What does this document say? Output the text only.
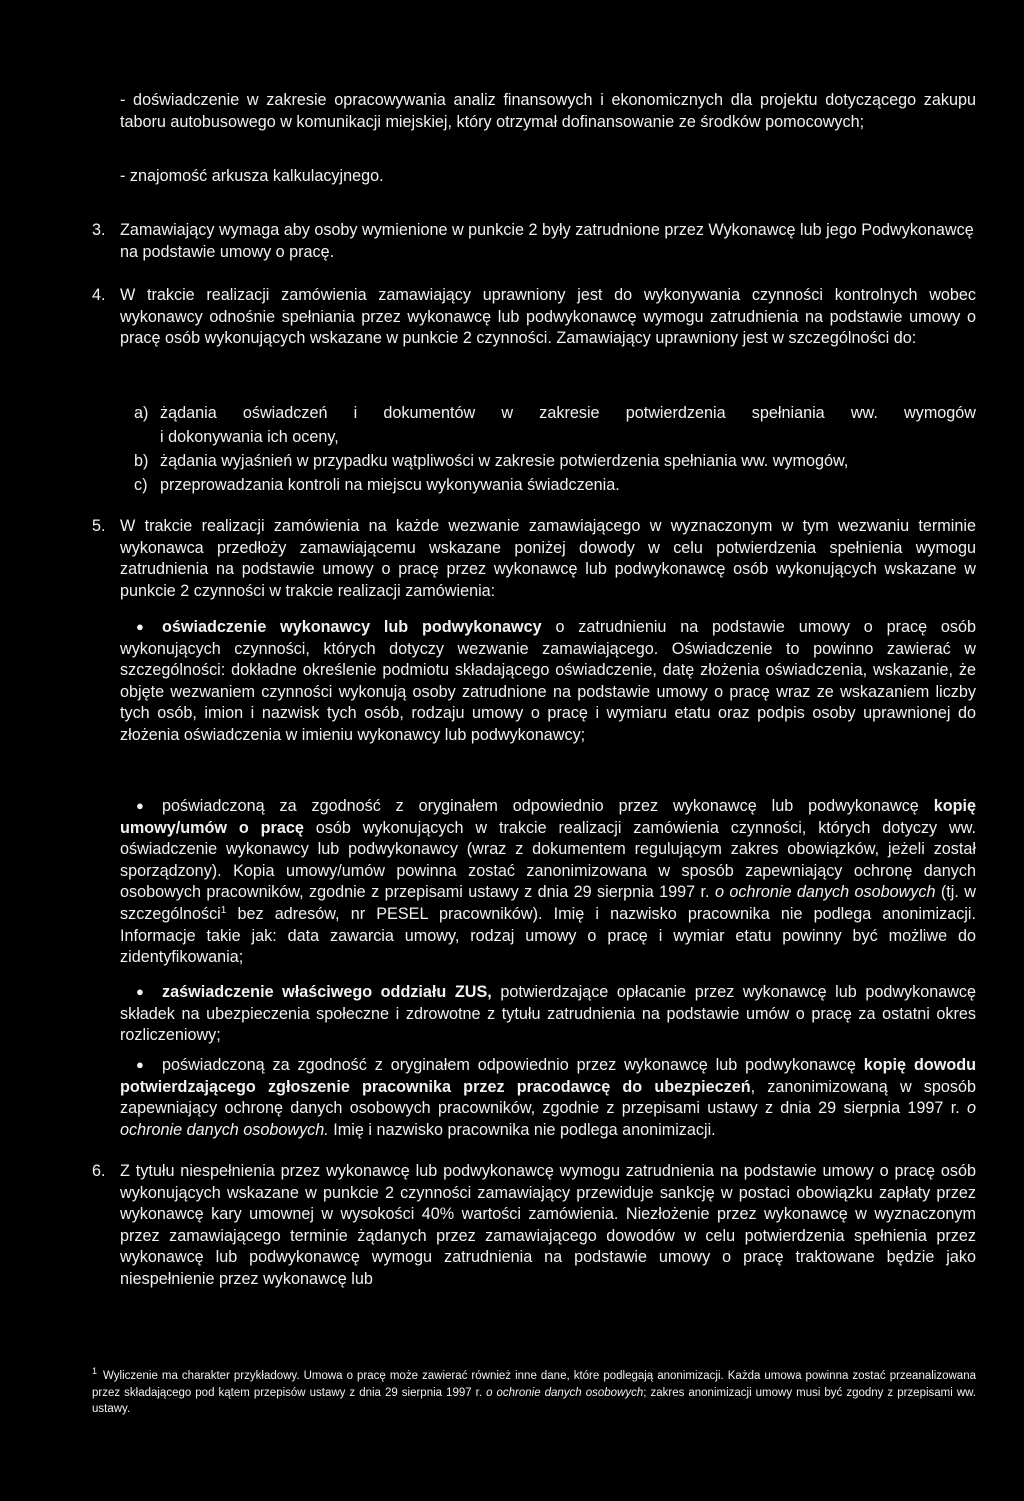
- doświadczenie w zakresie opracowywania analiz finansowych i ekonomicznych dla projektu dotyczącego zakupu taboru autobusowego w komunikacji miejskiej, który otrzymał dofinansowanie ze środków pomocowych;
- znajomość arkusza kalkulacyjnego.
3. Zamawiający wymaga aby osoby wymienione w punkcie 2 były zatrudnione przez Wykonawcę lub jego Podwykonawcę na podstawie umowy o pracę.
4. W trakcie realizacji zamówienia zamawiający uprawniony jest do wykonywania czynności kontrolnych wobec wykonawcy odnośnie spełniania przez wykonawcę lub podwykonawcę wymogu zatrudnienia na podstawie umowy o pracę osób wykonujących wskazane w punkcie 2 czynności. Zamawiający uprawniony jest w szczególności do:
a) żądania oświadczeń i dokumentów w zakresie potwierdzenia spełniania ww. wymogów
i dokonywania ich oceny,
b) żądania wyjaśnień w przypadku wątpliwości w zakresie potwierdzenia spełniania ww. wymogów,
c) przeprowadzania kontroli na miejscu wykonywania świadczenia.
5. W trakcie realizacji zamówienia na każde wezwanie zamawiającego w wyznaczonym w tym wezwaniu terminie wykonawca przedłoży zamawiającemu wskazane poniżej dowody w celu potwierdzenia spełnienia wymogu zatrudnienia na podstawie umowy o pracę przez wykonawcę lub podwykonawcę osób wykonujących wskazane w punkcie 2 czynności w trakcie realizacji zamówienia:
● oświadczenie wykonawcy lub podwykonawcy o zatrudnieniu na podstawie umowy o pracę osób wykonujących czynności, których dotyczy wezwanie zamawiającego. Oświadczenie to powinno zawierać w szczególności: dokładne określenie podmiotu składającego oświadczenie, datę złożenia oświadczenia, wskazanie, że objęte wezwaniem czynności wykonują osoby zatrudnione na podstawie umowy o pracę wraz ze wskazaniem liczby tych osób, imion i nazwisk tych osób, rodzaju umowy o pracę i wymiaru etatu oraz podpis osoby uprawnionej do złożenia oświadczenia w imieniu wykonawcy lub podwykonawcy;
● poświadczoną za zgodność z oryginałem odpowiednio przez wykonawcę lub podwykonawcę kopię umowy/umów o pracę osób wykonujących w trakcie realizacji zamówienia czynności, których dotyczy ww. oświadczenie wykonawcy lub podwykonawcy (wraz z dokumentem regulującym zakres obowiązków, jeżeli został sporządzony). Kopia umowy/umów powinna zostać zanonimizowana w sposób zapewniający ochronę danych osobowych pracowników, zgodnie z przepisami ustawy z dnia 29 sierpnia 1997 r. o ochronie danych osobowych (tj. w szczególności$^1$ bez adresów, nr PESEL pracowników). Imię i nazwisko pracownika nie podlega anonimizacji. Informacje takie jak: data zawarcia umowy, rodzaj umowy o pracę i wymiar etatu powinny być możliwe do zidentyfikowania;
● zaświadczenie właściwego oddziału ZUS, potwierdzające opłacanie przez wykonawcę lub podwykonawcę składek na ubezpieczenia społeczne i zdrowotne z tytułu zatrudnienia na podstawie umów o pracę za ostatni okres rozliczeniowy;
● poświadczoną za zgodność z oryginałem odpowiednio przez wykonawcę lub podwykonawcę kopię dowodu potwierdzającego zgłoszenie pracownika przez pracodawcę do ubezpieczeń, zanonimizowaną w sposób zapewniający ochronę danych osobowych pracowników, zgodnie z przepisami ustawy z dnia 29 sierpnia 1997 r. o ochronie danych osobowych. Imię i nazwisko pracownika nie podlega anonimizacji.
6. Z tytułu niespełnienia przez wykonawcę lub podwykonawcę wymogu zatrudnienia na podstawie umowy o pracę osób wykonujących wskazane w punkcie 2 czynności zamawiający przewiduje sankcję w postaci obowiązku zapłaty przez wykonawcę kary umownej w wysokości 40% wartości zamówienia. Niezłożenie przez wykonawcę w wyznaczonym przez zamawiającego terminie żądanych przez zamawiającego dowodów w celu potwierdzenia spełnienia przez wykonawcę lub podwykonawcę wymogu zatrudnienia na podstawie umowy o pracę traktowane będzie jako niespełnienie przez wykonawcę lub
$^1$ Wyliczenie ma charakter przykładowy. Umowa o pracę może zawierać również inne dane, które podlegają anonimizacji. Każda umowa powinna zostać przeanalizowana przez składającego pod kątem przepisów ustawy z dnia 29 sierpnia 1997 r. o ochronie danych osobowych; zakres anonimizacji umowy musi być zgodny z przepisami ww. ustawy.
